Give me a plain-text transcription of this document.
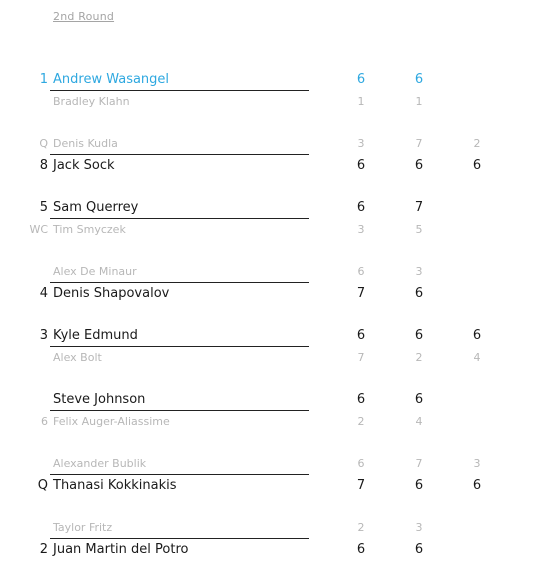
2nd Round
1 Andrew Wasangel	6	6
Bradley Klahn	1	1
Q Denis Kudla	3	7	2
8 Jack Sock	6	6	6
5 Sam Querrey	6	7
WC Tim Smyczek	3	5
Alex De Minaur	6	3
4 Denis Shapovalov	7	6
3 Kyle Edmund	6	6	6
Alex Bolt	7	2	4
Steve Johnson	6	6
6 Felix Auger-Aliassime	2	4
Alexander Bublik	6	7	3
Q Thanasi Kokkinakis	7	6	6
Taylor Fritz	2	3
2 Juan Martin del Potro	6	6
